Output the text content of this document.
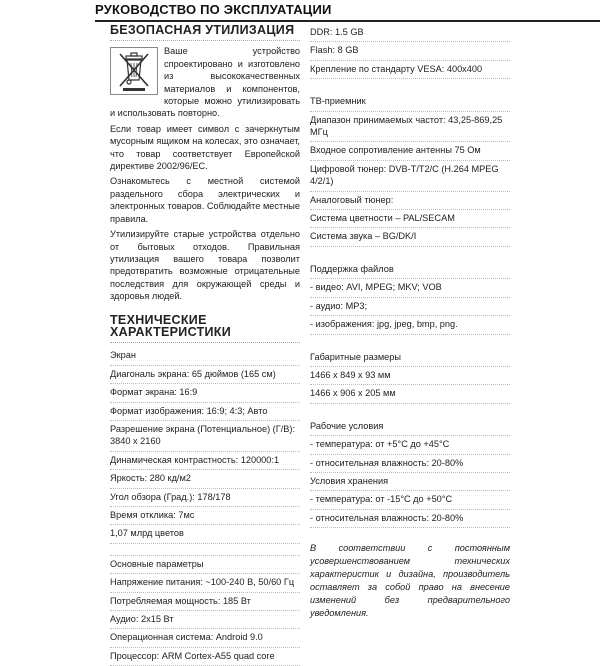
РУКОВОДСТВО ПО ЭКСПЛУАТАЦИИ
БЕЗОПАСНАЯ УТИЛИЗАЦИЯ

Ваше устройство спроектировано и изготовлено из высококачественных материалов и компонентов, которые можно утилизировать и использовать повторно.

Если товар имеет символ с зачеркнутым мусорным ящиком на колесах, это означает, что товар соответствует Европейской директиве 2002/96/ЕС.

Ознакомьтесь с местной системой раздельного сбора электрических и электронных товаров. Соблюдайте местные правила.

Утилизируйте старые устройства отдельно от бытовых отходов. Правильная утилизация вашего товара позволит предотвратить возможные отрицательные последствия для окружающей среды и здоровья людей.

ТЕХНИЧЕСКИЕ ХАРАКТЕРИСТИКИ
Экран
Диагональ экрана: 65 дюймов (165 см)
Формат экрана: 16:9
Формат изображения: 16:9; 4:3; Авто
Разрешение экрана (Потенциальное) (Г/В): 3840 x 2160
Динамическая контрастность: 120000:1
Яркость: 280 кд/м2
Угол обзора (Град.): 178/178
Время отклика: 7мс
1,07 млрд цветов
Основные параметры
Напряжение питания: ~100-240 В, 50/60 Гц
Потребляемая мощность: 185 Вт
Аудио: 2х15 Вт
Операционная система: Android 9.0
Процессор: ARM Cortex-A55 quad core
DDR: 1.5 GB
Flash: 8 GB
Крепление по стандарту VESA: 400x400
ТВ-приемник
Диапазон принимаемых частот: 43,25-869,25 МГц
Входное сопротивление антенны 75 Ом
Цифровой тюнер: DVB-T/T2/C (H.264 MPEG 4/2/1)
Аналоговый тюнер:
Система цветности – PAL/SECAM
Система звука – BG/DK/I
Поддержка файлов
- видео: AVI, MPEG; MKV; VOB
- аудио: MP3;
- изображения: jpg, jpeg, bmp, png.
Габаритные размеры
1466 x 849 x 93 мм
1466 x 906 x 205 мм
Рабочие условия
- температура: от +5°С до +45°С
- относительная влажность: 20-80%
Условия хранения
- температура: от -15°С до +50°С
- относительная влажность: 20-80%

В соответствии с постоянным усовершенствованием технических характеристик и дизайна, производитель оставляет за собой право на внесение изменений без предварительного уведомления.
